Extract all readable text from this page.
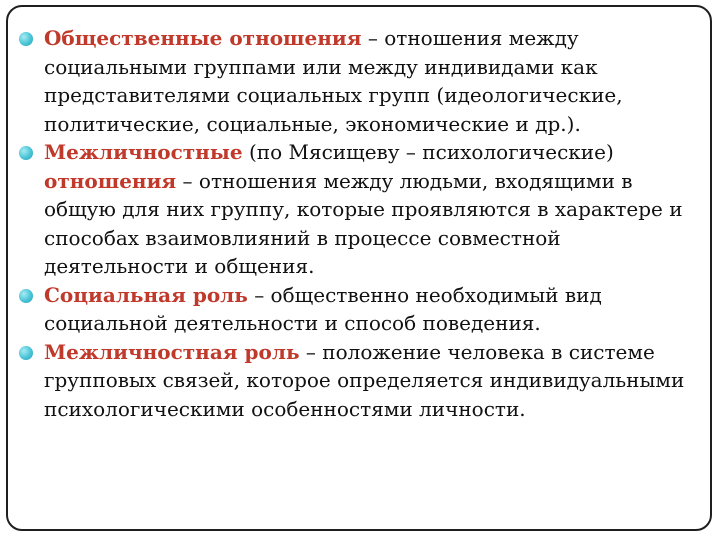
Общественные отношения – отношения между социальными группами или между индивидами как представителями социальных групп (идеологические, политические, социальные, экономические и др.).
Межличностные (по Мясищеву – психологические) отношения – отношения между людьми, входящими в общую для них группу, которые проявляются в характере и способах взаимовлияний в процессе совместной деятельности и общения.
Социальная роль – общественно необходимый вид социальной деятельности и способ поведения.
Межличностная роль – положение человека в системе групповых связей, которое определяется индивидуальными психологическими особенностями личности.
